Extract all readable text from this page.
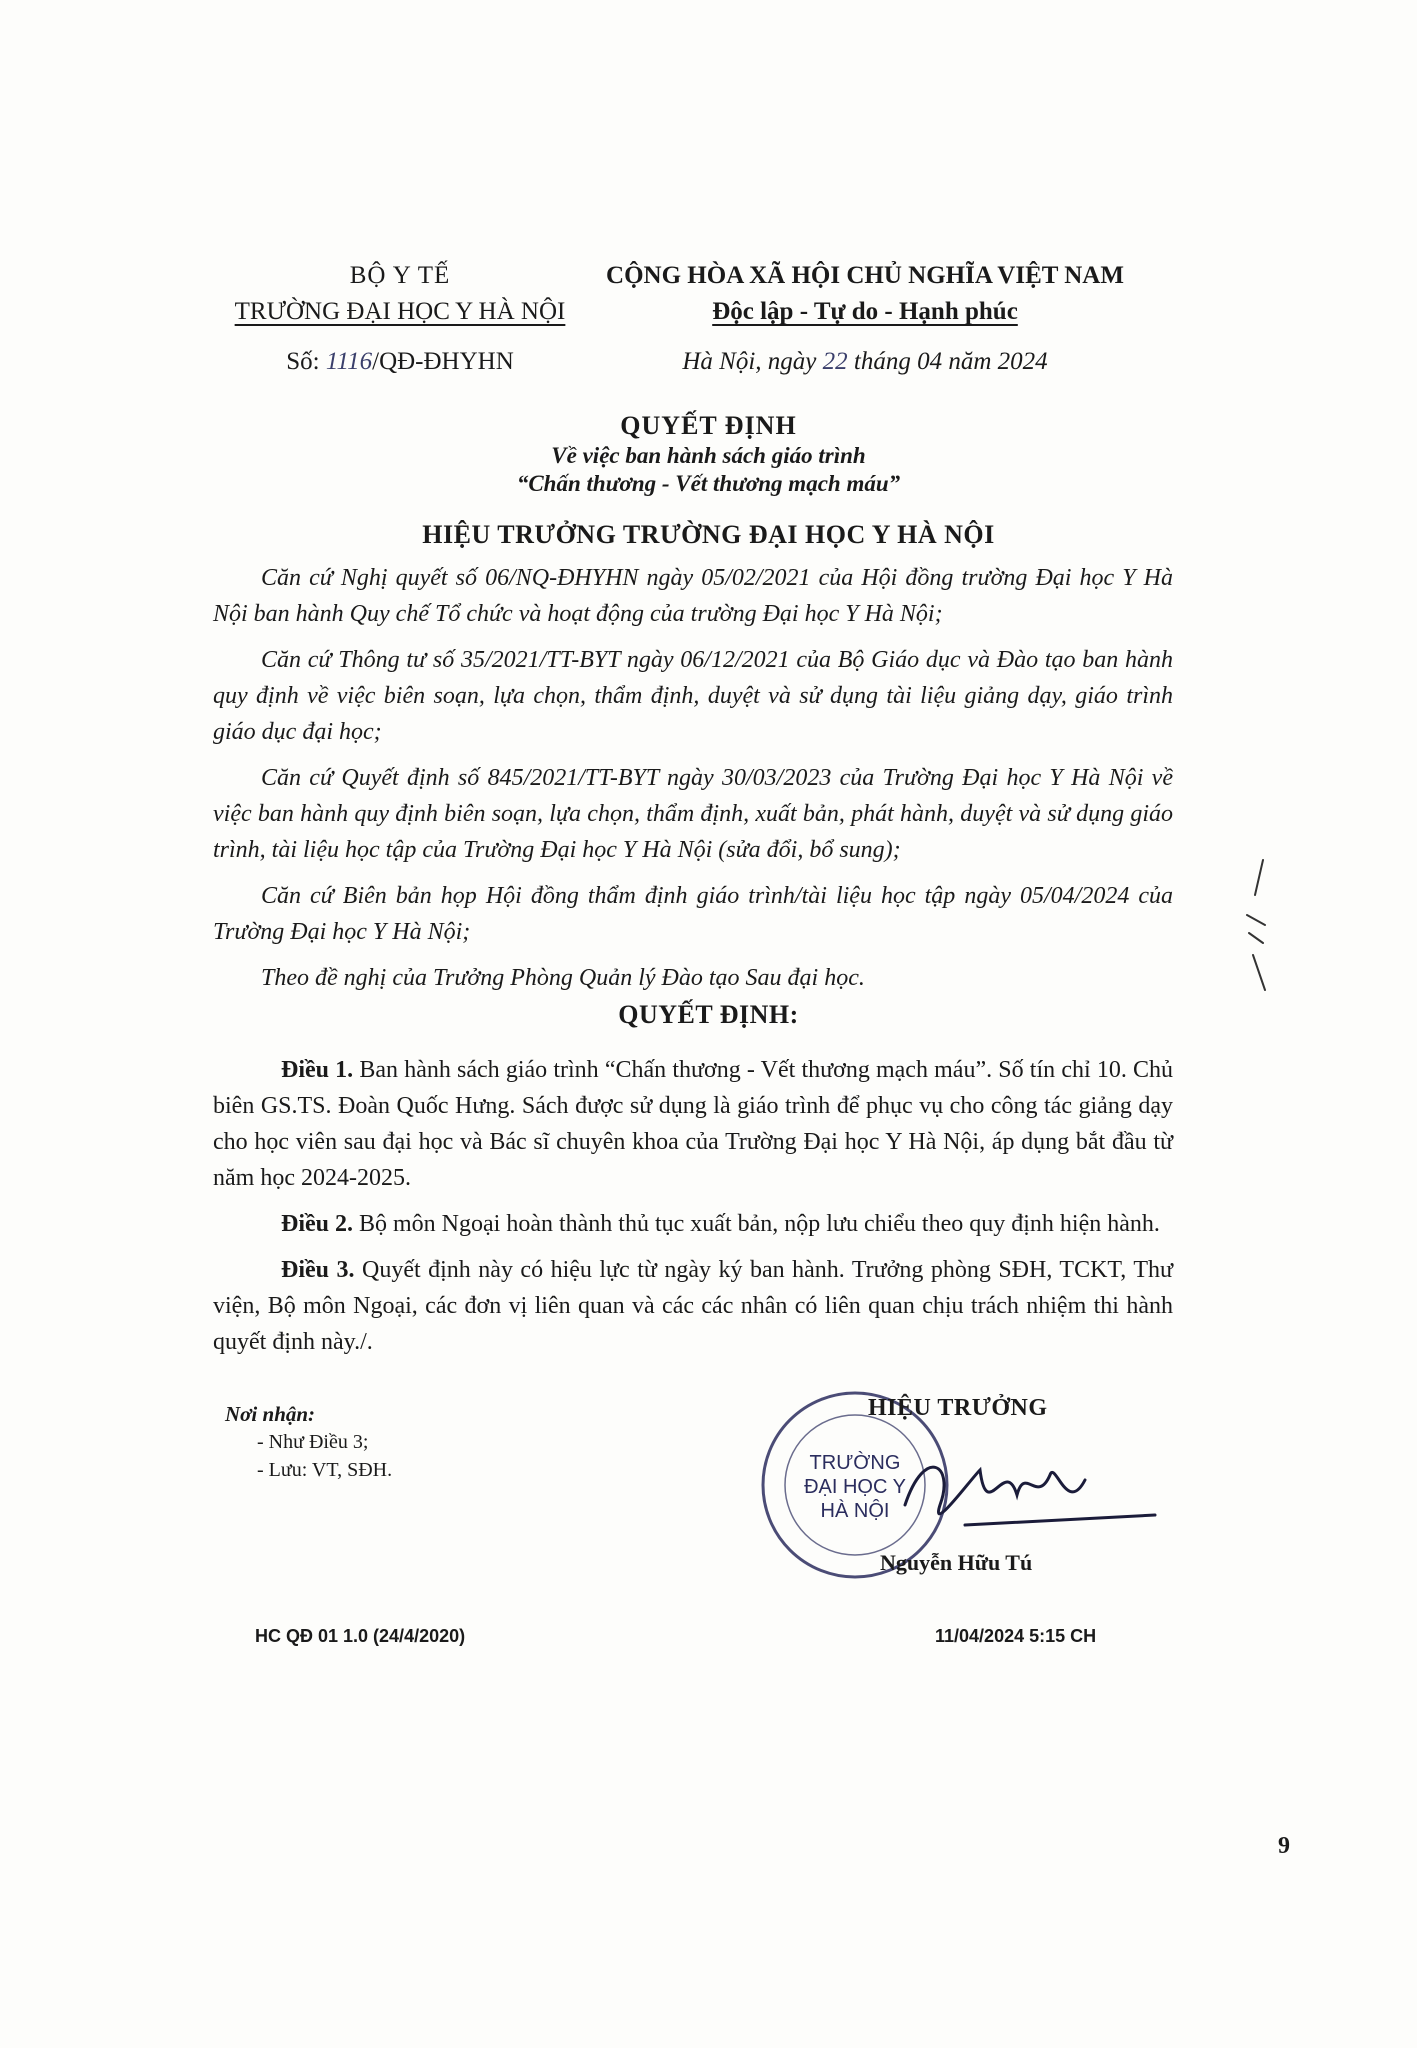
BỘ Y TẾ
TRƯỜNG ĐẠI HỌC Y HÀ NỘI
Số: 1116/QĐ-ĐHYHN
CỘNG HÒA XÃ HỘI CHỦ NGHĨA VIỆT NAM
Độc lập - Tự do - Hạnh phúc
Hà Nội, ngày 22 tháng 04 năm 2024
QUYẾT ĐỊNH
Về việc ban hành sách giáo trình
“Chấn thương - Vết thương mạch máu”
HIỆU TRƯỞNG TRƯỜNG ĐẠI HỌC Y HÀ NỘI

Căn cứ Nghị quyết số 06/NQ-ĐHYHN ngày 05/02/2021 của Hội đồng trường Đại học Y Hà Nội ban hành Quy chế Tổ chức và hoạt động của trường Đại học Y Hà Nội;

Căn cứ Thông tư số 35/2021/TT-BYT ngày 06/12/2021 của Bộ Giáo dục và Đào tạo ban hành quy định về việc biên soạn, lựa chọn, thẩm định, duyệt và sử dụng tài liệu giảng dạy, giáo trình giáo dục đại học;

Căn cứ Quyết định số 845/2021/TT-BYT ngày 30/03/2023 của Trường Đại học Y Hà Nội về việc ban hành quy định biên soạn, lựa chọn, thẩm định, xuất bản, phát hành, duyệt và sử dụng giáo trình, tài liệu học tập của Trường Đại học Y Hà Nội (sửa đổi, bổ sung);

Căn cứ Biên bản họp Hội đồng thẩm định giáo trình/tài liệu học tập ngày 05/04/2024 của Trường Đại học Y Hà Nội;

Theo đề nghị của Trưởng Phòng Quản lý Đào tạo Sau đại học.

QUYẾT ĐỊNH:

Điều 1. Ban hành sách giáo trình “Chấn thương - Vết thương mạch máu”. Số tín chỉ 10. Chủ biên GS.TS. Đoàn Quốc Hưng. Sách được sử dụng là giáo trình để phục vụ cho công tác giảng dạy cho học viên sau đại học và Bác sĩ chuyên khoa của Trường Đại học Y Hà Nội, áp dụng bắt đầu từ năm học 2024-2025.

Điều 2. Bộ môn Ngoại hoàn thành thủ tục xuất bản, nộp lưu chiểu theo quy định hiện hành.

Điều 3. Quyết định này có hiệu lực từ ngày ký ban hành. Trưởng phòng SĐH, TCKT, Thư viện, Bộ môn Ngoại, các đơn vị liên quan và các các nhân có liên quan chịu trách nhiệm thi hành quyết định này./.

Nơi nhận:
- Như Điều 3;
- Lưu: VT, SĐH.	TRƯỜNG
ĐẠI HỌC Y
HÀ NỘI
HIỆU TRƯỞNG
Nguyễn Hữu Tú
HC QĐ 01 1.0 (24/4/2020)	11/04/2024 5:15 CH
9
